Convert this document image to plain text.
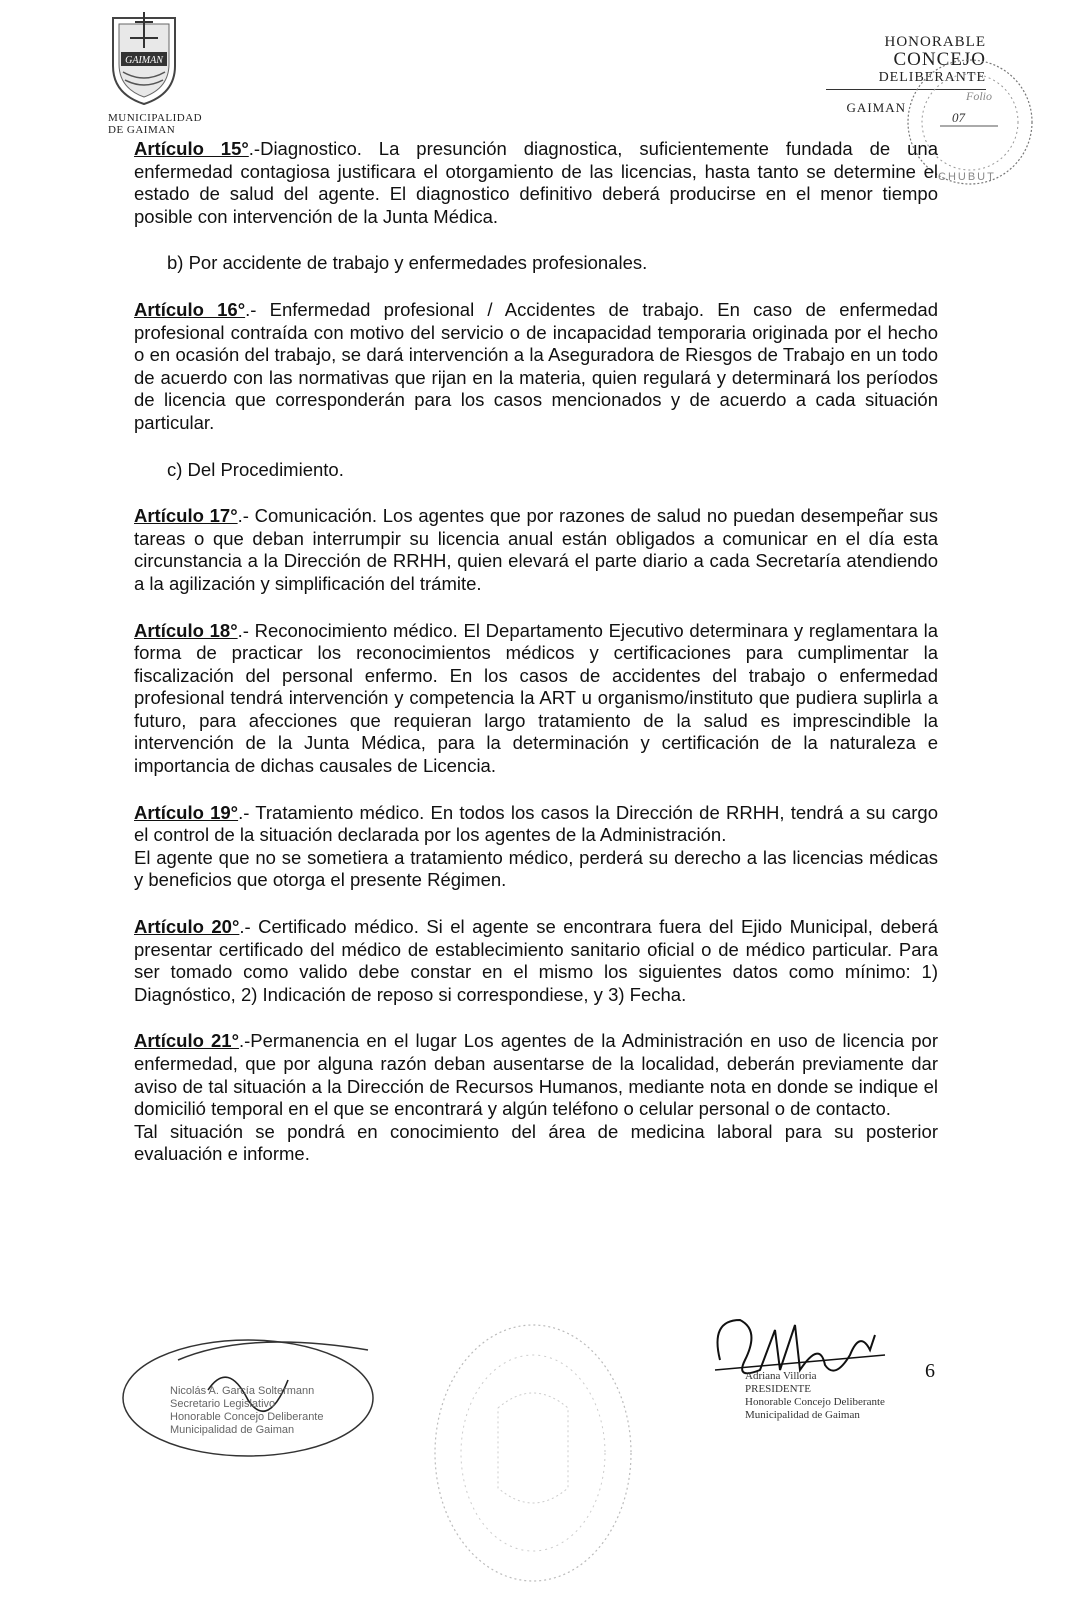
GAIMAN
MUNICIPALIDAD
DE GAIMAN
HONORABLE
CONCEJO
DELIBERANTE
GAIMAN
Folio
07
CHUBUT

Artículo 15°.-Diagnostico. La presunción diagnostica, suficientemente fundada de una enfermedad contagiosa justificara el otorgamiento de las licencias, hasta tanto se determine el estado de salud del agente. El diagnostico definitivo deberá producirse en el menor tiempo posible con intervención de la Junta Médica.

b) Por accidente de trabajo y enfermedades profesionales.

Artículo 16°.- Enfermedad profesional / Accidentes de trabajo. En caso de enfermedad profesional contraída con motivo del servicio o de incapacidad temporaria originada por el hecho o en ocasión del trabajo, se dará intervención a la Aseguradora de Riesgos de Trabajo en un todo de acuerdo con las normativas que rijan en la materia, quien regulará y determinará los períodos de licencia que corresponderán para los casos mencionados y de acuerdo a cada situación particular.

c) Del Procedimiento.

Artículo 17°.- Comunicación. Los agentes que por razones de salud no puedan desempeñar sus tareas o que deban interrumpir su licencia anual están obligados a comunicar en el día esta circunstancia a la Dirección de RRHH, quien elevará el parte diario a cada Secretaría atendiendo a la agilización y simplificación del trámite.

Artículo 18°.- Reconocimiento médico. El Departamento Ejecutivo determinara y reglamentara la forma de practicar los reconocimientos médicos y certificaciones para cumplimentar la fiscalización del personal enfermo. En los casos de accidentes del trabajo o enfermedad profesional tendrá intervención y competencia la ART u organismo/instituto que pudiera suplirla a futuro, para afecciones que requieran largo tratamiento de la salud es imprescindible la intervención de la Junta Médica, para la determinación y certificación de la naturaleza e importancia de dichas causales de Licencia.

Artículo 19°.- Tratamiento médico. En todos los casos la Dirección de RRHH, tendrá a su cargo el control de la situación declarada por los agentes de la Administración.

El agente que no se sometiera a tratamiento médico, perderá su derecho a las licencias médicas y beneficios que otorga el presente Régimen.

Artículo 20°.- Certificado médico. Si el agente se encontrara fuera del Ejido Municipal, deberá presentar certificado del médico de establecimiento sanitario oficial o de médico particular. Para ser tomado como valido debe constar en el mismo los siguientes datos como mínimo: 1) Diagnóstico, 2) Indicación de reposo si correspondiese, y 3) Fecha.

Artículo 21°.-Permanencia en el lugar Los agentes de la Administración en uso de licencia por enfermedad, que por alguna razón deban ausentarse de la localidad, deberán previamente dar aviso de tal situación a la Dirección de Recursos Humanos, mediante nota en donde se indique el domicilió temporal en el que se encontrará y algún teléfono o celular personal o de contacto.

Tal situación se pondrá en conocimiento del área de medicina laboral para su posterior evaluación e informe.

Nicolás A. García Soltermann
Secretario Legislativo
Honorable Concejo Deliberante
Municipalidad de Gaiman
Adriana Villoria
PRESIDENTE
Honorable Concejo Deliberante
Municipalidad de Gaiman
6
